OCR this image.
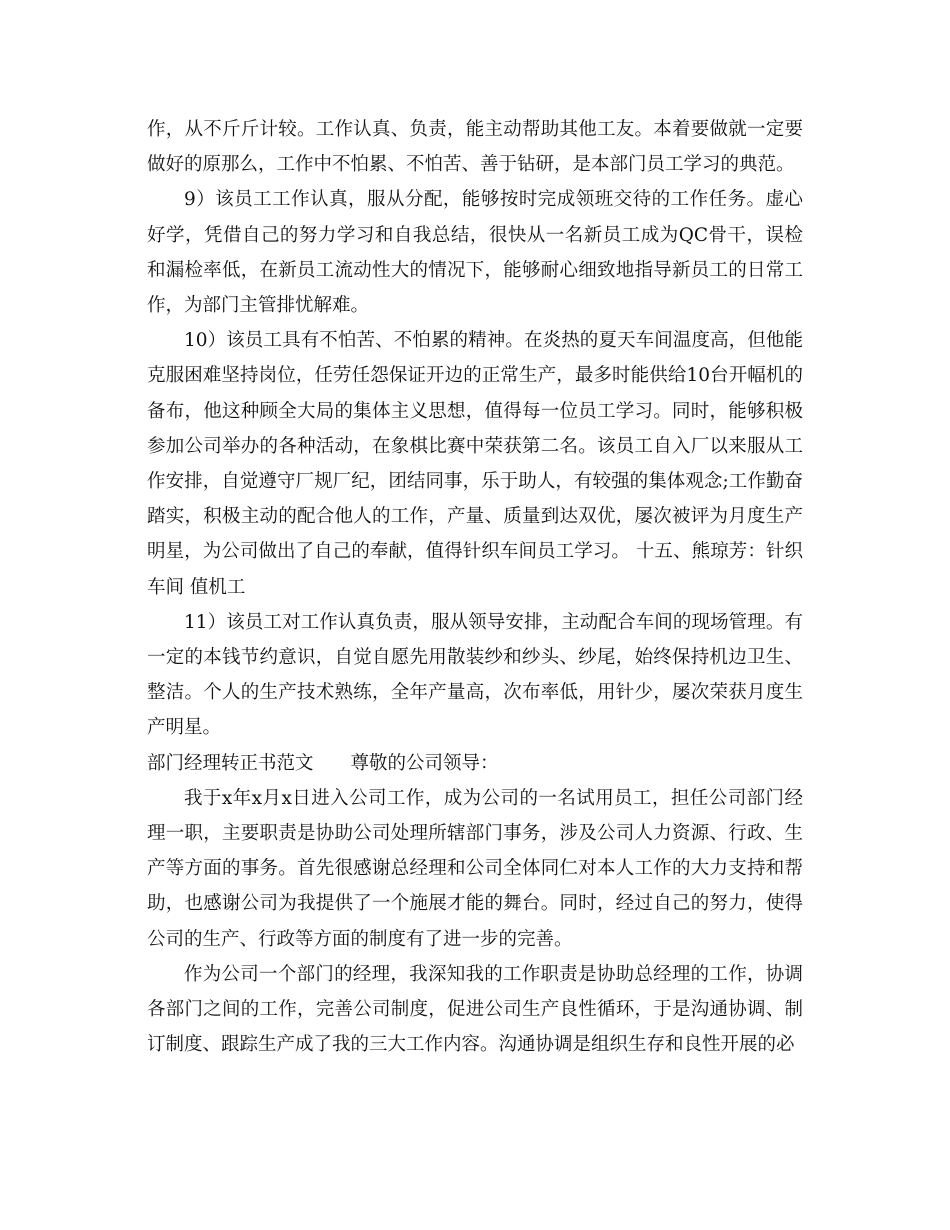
作，从不斤斤计较。工作认真、负责，能主动帮助其他工友。本着要做就一定要做好的原那么，工作中不怕累、不怕苦、善于钻研，是本部门员工学习的典范。

9）该员工工作认真，服从分配，能够按时完成领班交待的工作任务。虚心好学，凭借自己的努力学习和自我总结，很快从一名新员工成为QC骨干，误检和漏检率低，在新员工流动性大的情况下，能够耐心细致地指导新员工的日常工作，为部门主管排忧解难。

10）该员工具有不怕苦、不怕累的精神。在炎热的夏天车间温度高，但他能克服困难坚持岗位，任劳任怨保证开边的正常生产，最多时能供给10台开幅机的备布，他这种顾全大局的集体主义思想，值得每一位员工学习。同时，能够积极参加公司举办的各种活动，在象棋比赛中荣获第二名。该员工自入厂以来服从工作安排，自觉遵守厂规厂纪，团结同事，乐于助人，有较强的集体观念;工作勤奋踏实，积极主动的配合他人的工作，产量、质量到达双优，屡次被评为月度生产明星，为公司做出了自己的奉献，值得针织车间员工学习。 十五、熊琼芳：针织车间 值机工

11）该员工对工作认真负责，服从领导安排，主动配合车间的现场管理。有一定的本钱节约意识，自觉自愿先用散装纱和纱头、纱尾，始终保持机边卫生、整洁。个人的生产技术熟练，全年产量高，次布率低，用针少，屡次荣获月度生产明星。

部门经理转正书范文 尊敬的公司领导：

我于x年x月x日进入公司工作，成为公司的一名试用员工，担任公司部门经理一职，主要职责是协助公司处理所辖部门事务，涉及公司人力资源、行政、生产等方面的事务。首先很感谢总经理和公司全体同仁对本人工作的大力支持和帮助，也感谢公司为我提供了一个施展才能的舞台。同时，经过自己的努力，使得公司的生产、行政等方面的制度有了进一步的完善。

作为公司一个部门的经理，我深知我的工作职责是协助总经理的工作，协调各部门之间的工作，完善公司制度，促进公司生产良性循环，于是沟通协调、制订制度、跟踪生产成了我的三大工作内容。沟通协调是组织生存和良性开展的必
